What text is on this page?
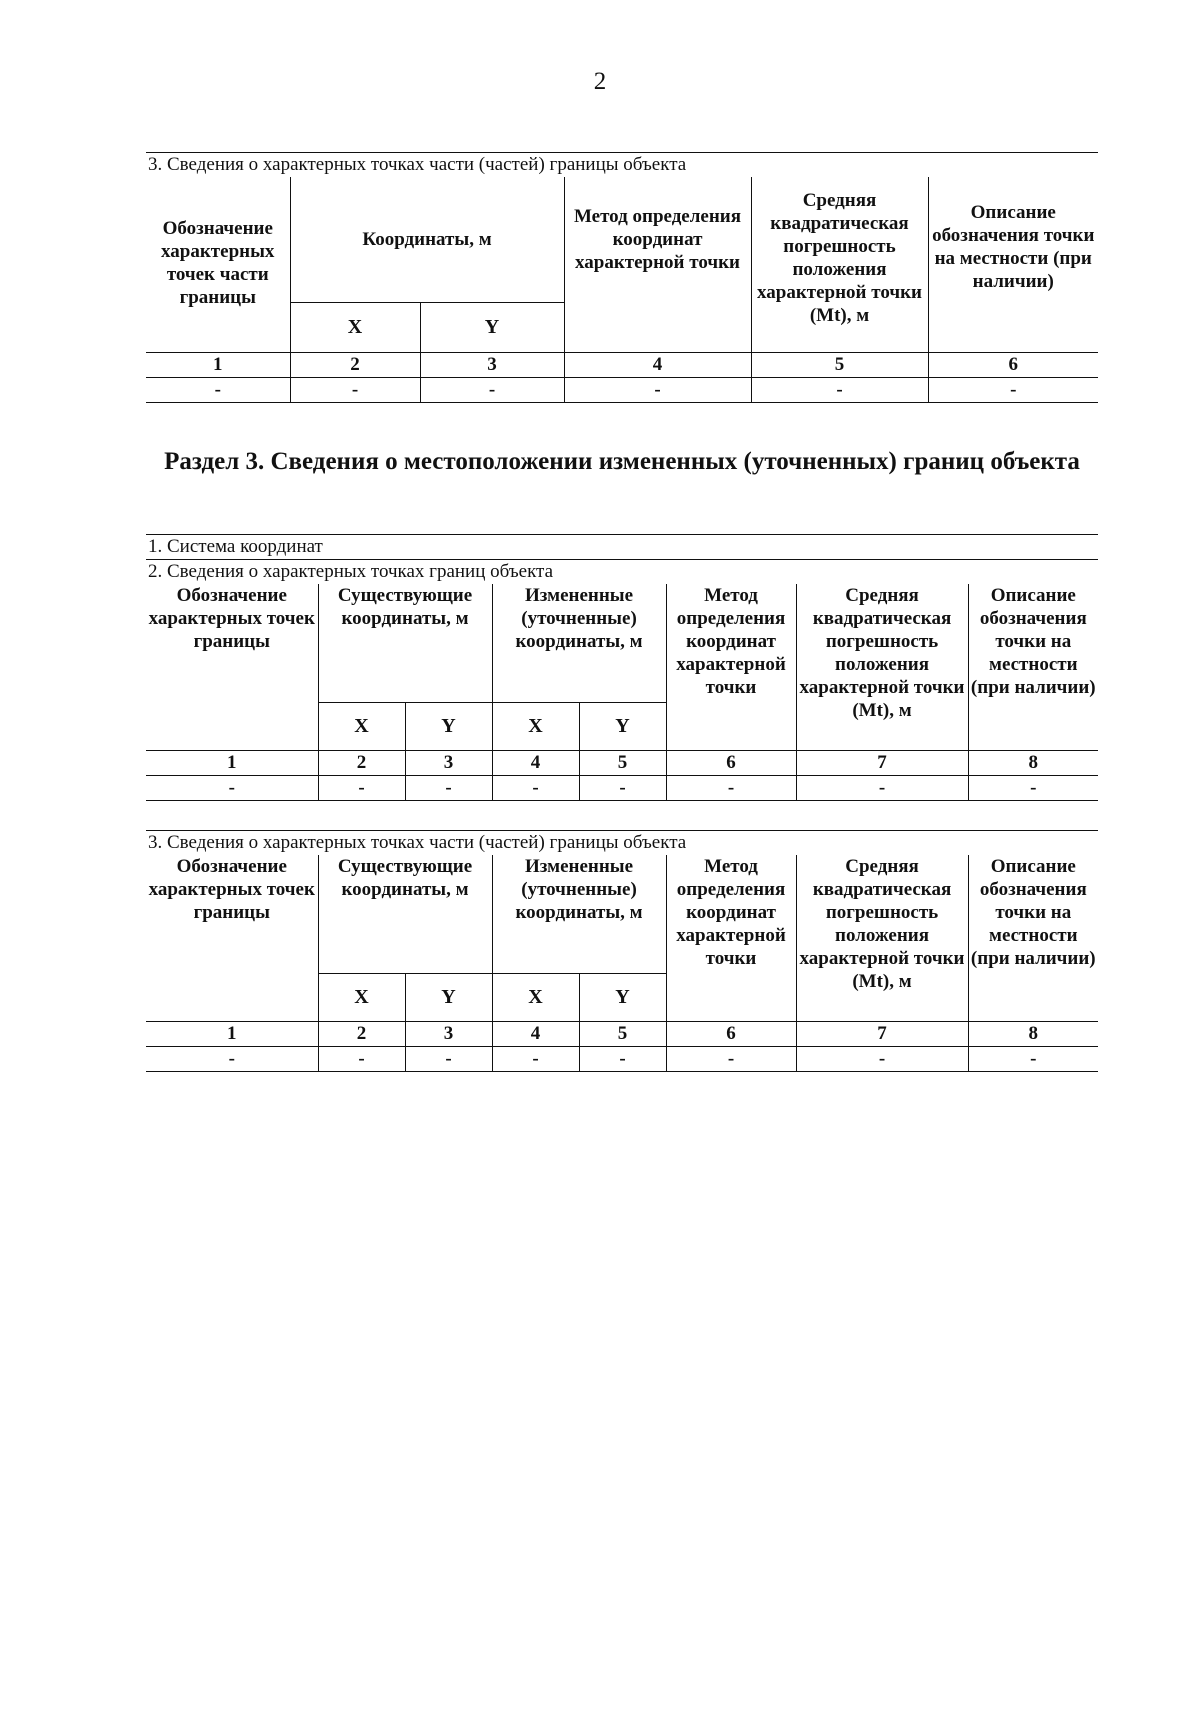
2
3. Сведения о характерных точках части (частей) границы объекта
Обозначение характерных точек части границы	Координаты, м		Метод определения координат характерной точки	Средняя квадратическая погрешность положения характерной точки (Mt), м	Описание обозначения точки на местности (при наличии)
	X	Y			
1	2	3	4	5	6
-	-	-	-	-	-
Раздел 3. Сведения о местоположении измененных (уточненных) границ объекта
1. Система координат
2. Сведения о характерных точках границ объекта
Обозначение характерных точек границы	Существующие координаты, м		Измененные (уточненные) координаты, м		Метод определения координат характерной точки	Средняя квадратическая погрешность положения характерной точки (Mt), м	Описание обозначения точки на местности (при наличии)
	X	Y	X	Y			
1	2	3	4	5	6	7	8
-	-	-	-	-	-	-	-
3. Сведения о характерных точках части (частей) границы объекта
Обозначение характерных точек границы	Существующие координаты, м		Измененные (уточненные) координаты, м		Метод определения координат характерной точки	Средняя квадратическая погрешность положения характерной точки (Mt), м	Описание обозначения точки на местности (при наличии)
	X	Y	X	Y			
1	2	3	4	5	6	7	8
-	-	-	-	-	-	-	-
